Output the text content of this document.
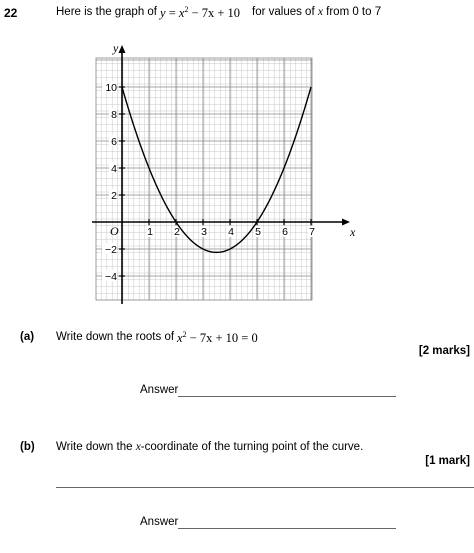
22	Here is the graph of $y = x^2 - 7x + 10$ for values of x from 0 to 7
x
y
O	1 2 3 4 5 6 7
10
8
6
4
2
−2
−4
(a) Write down the roots of $x^2 - 7x + 10 = 0$
[2 marks]
Answer
(b) Write down the x-coordinate of the turning point of the curve.
[1 mark]
Answer
